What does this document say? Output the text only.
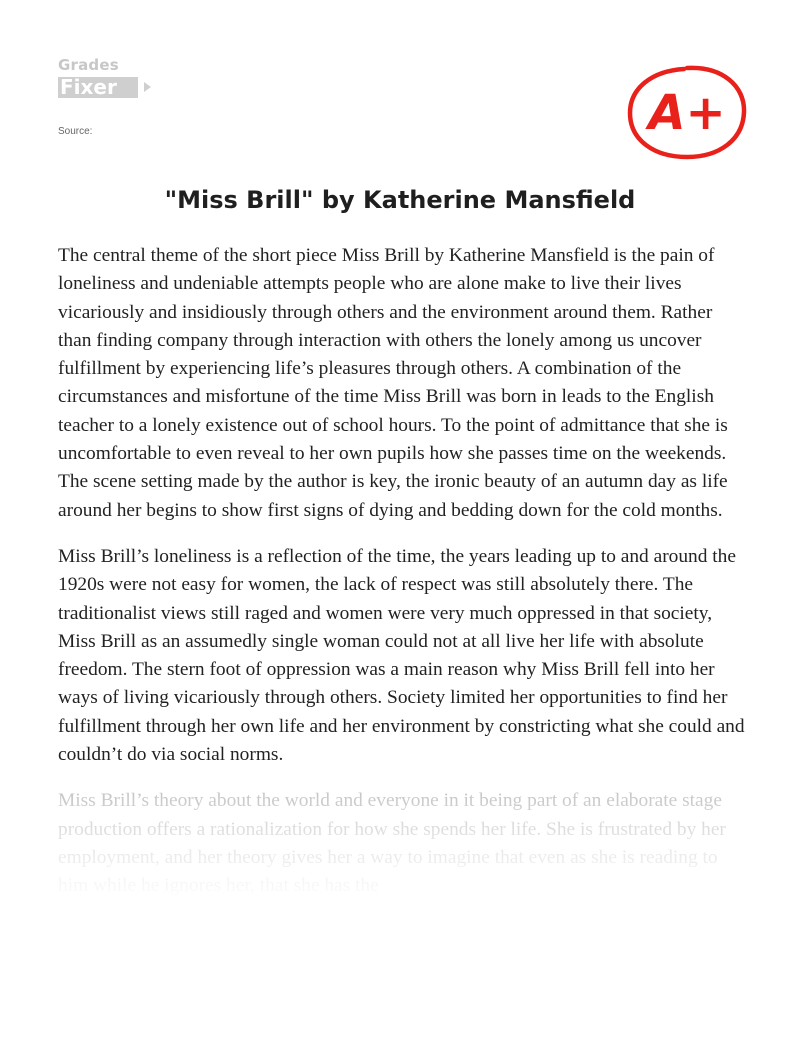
Grades
Fixer
Source:	A+
"Miss Brill" by Katherine Mansfield

The central theme of the short piece Miss Brill by Katherine Mansfield is the pain of loneliness and undeniable attempts people who are alone make to live their lives vicariously and insidiously through others and the environment around them. Rather than finding company through interaction with others the lonely among us uncover fulfillment by experiencing life’s pleasures through others. A combination of the circumstances and misfortune of the time Miss Brill was born in leads to the English teacher to a lonely existence out of school hours. To the point of admittance that she is uncomfortable to even reveal to her own pupils how she passes time on the weekends. The scene setting made by the author is key, the ironic beauty of an autumn day as life around her begins to show first signs of dying and bedding down for the cold months.

Miss Brill’s loneliness is a reflection of the time, the years leading up to and around the 1920s were not easy for women, the lack of respect was still absolutely there. The traditionalist views still raged and women were very much oppressed in that society, Miss Brill as an assumedly single woman could not at all live her life with absolute freedom. The stern foot of oppression was a main reason why Miss Brill fell into her ways of living vicariously through others. Society limited her opportunities to find her fulfillment through her own life and her environment by constricting what she could and couldn’t do via social norms.
